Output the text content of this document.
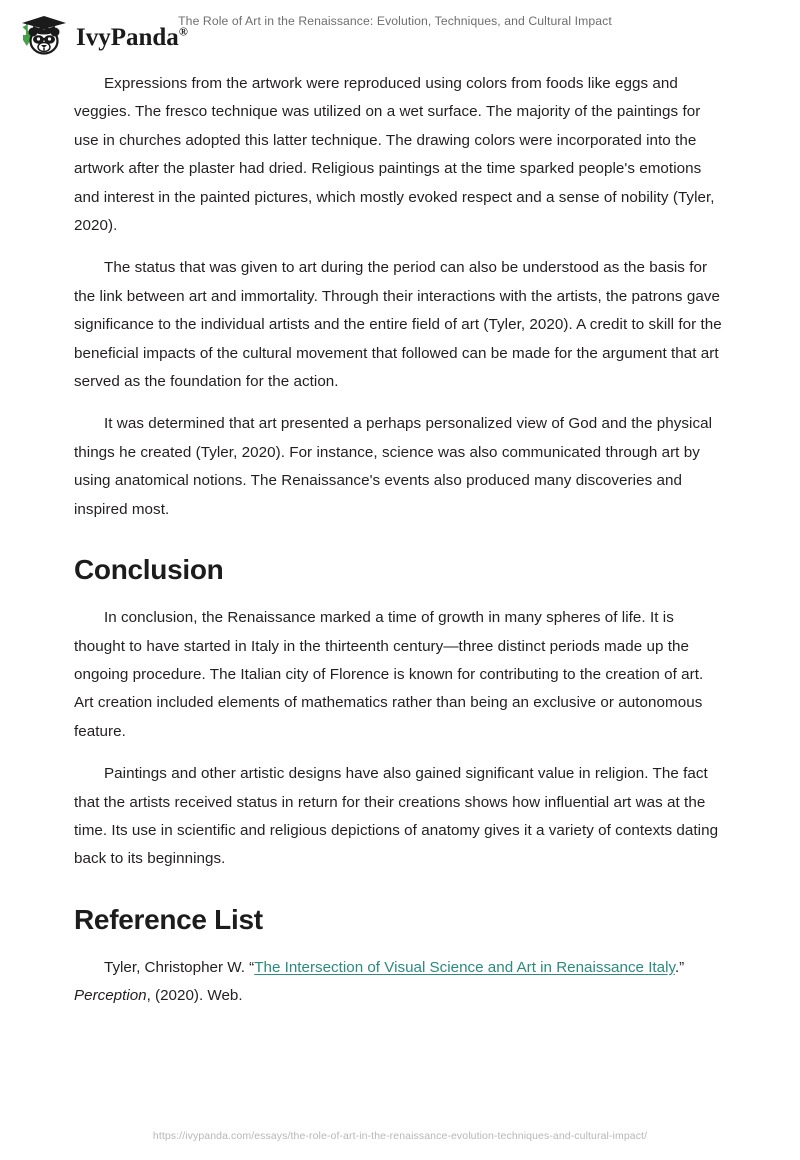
IvyPanda®
The Role of Art in the Renaissance: Evolution, Techniques, and Cultural Impact

Expressions from the artwork were reproduced using colors from foods like eggs and veggies. The fresco technique was utilized on a wet surface. The majority of the paintings for use in churches adopted this latter technique. The drawing colors were incorporated into the artwork after the plaster had dried. Religious paintings at the time sparked people's emotions and interest in the painted pictures, which mostly evoked respect and a sense of nobility (Tyler, 2020).

The status that was given to art during the period can also be understood as the basis for the link between art and immortality. Through their interactions with the artists, the patrons gave significance to the individual artists and the entire field of art (Tyler, 2020). A credit to skill for the beneficial impacts of the cultural movement that followed can be made for the argument that art served as the foundation for the action.

It was determined that art presented a perhaps personalized view of God and the physical things he created (Tyler, 2020). For instance, science was also communicated through art by using anatomical notions. The Renaissance's events also produced many discoveries and inspired most.

Conclusion

In conclusion, the Renaissance marked a time of growth in many spheres of life. It is thought to have started in Italy in the thirteenth century—three distinct periods made up the ongoing procedure. The Italian city of Florence is known for contributing to the creation of art. Art creation included elements of mathematics rather than being an exclusive or autonomous feature.

Paintings and other artistic designs have also gained significant value in religion. The fact that the artists received status in return for their creations shows how influential art was at the time. Its use in scientific and religious depictions of anatomy gives it a variety of contexts dating back to its beginnings.

Reference List

Tyler, Christopher W. “The Intersection of Visual Science and Art in Renaissance Italy.” Perception, (2020). Web.

https://ivypanda.com/essays/the-role-of-art-in-the-renaissance-evolution-techniques-and-cultural-impact/
